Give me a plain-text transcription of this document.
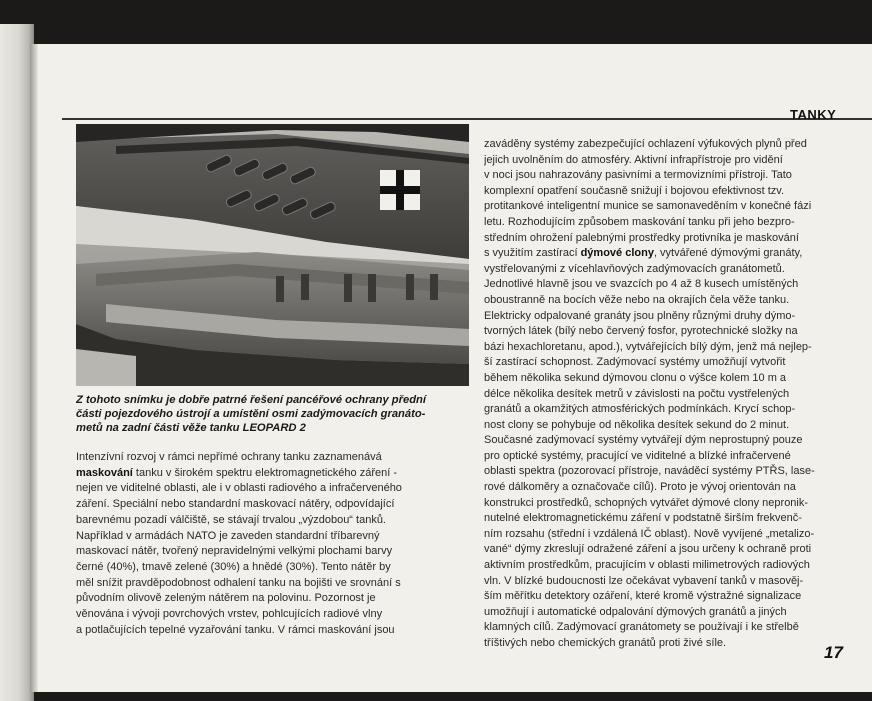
TANKY
Z tohoto snímku je dobře patrné řešení pancéřové ochrany přední
části pojezdového ústrojí a umístění osmi zadýmovacích granáto-
metů na zadní části věže tanku LEOPARD 2
Intenzívní rozvoj v rámci nepřímé ochrany tanku zaznamenává
maskování tanku v širokém spektru elektromagnetického záření -
nejen ve viditelné oblasti, ale i v oblasti radiového a infračerveného
záření. Speciální nebo standardní maskovací nátěry, odpovídající
barevnému pozadí válčiště, se stávají trvalou „výzdobou“ tanků.
Například v armádách NATO je zaveden standardní tříbarevný
maskovací nátěr, tvořený nepravidelnými velkými plochami barvy
černé (40%), tmavě zelené (30%) a hnědé (30%). Tento nátěr by
měl snížit pravděpodobnost odhalení tanku na bojišti ve srovnání s
původním olivově zeleným nátěrem na polovinu. Pozornost je
věnována i vývoji povrchových vrstev, pohlcujících radiové vlny
a potlačujících tepelné vyzařování tanku. V rámci maskování jsou
zaváděny systémy zabezpečující ochlazení výfukových plynů před
jejich uvolněním do atmosféry. Aktivní infrapřístroje pro vidění
v noci jsou nahrazovány pasivními a termovizními přístroji. Tato
komplexní opatření současně snižují i bojovou efektivnost tzv.
protitankové inteligentní munice se samonaveděním v konečné fázi
letu. Rozhodujícím způsobem maskování tanku při jeho bezpro-
středním ohrožení palebnými prostředky protivníka je maskování
s využitím zastírací dýmové clony, vytvářené dýmovými granáty,
vystřelovanými z vícehlavňových zadýmovacích granátometů.
Jednotlivé hlavně jsou ve svazcích po 4 až 8 kusech umístěných
oboustranně na bocích věže nebo na okrajích čela věže tanku.
Elektricky odpalované granáty jsou plněny různými druhy dýmo-
tvorných látek (bílý nebo červený fosfor, pyrotechnické složky na
bázi hexachloretanu, apod.), vytvářejících bílý dým, jenž má nejlep-
ší zastírací schopnost. Zadýmovací systémy umožňují vytvořit
během několika sekund dýmovou clonu o výšce kolem 10 m a
délce několika desítek metrů v závislosti na počtu vystřelených
granátů a okamžitých atmosférických podmínkách. Krycí schop-
nost clony se pohybuje od několika desítek sekund do 2 minut.
Současné zadýmovací systémy vytvářejí dým neprostupný pouze
pro optické systémy, pracující ve viditelné a blízké infračervené
oblasti spektra (pozorovací přístroje, naváděcí systémy PTŘS, lase-
rové dálkoměry a označovače cílů). Proto je vývoj orientován na
konstrukci prostředků, schopných vytvářet dýmové clony nepronik-
nutelné elektromagnetickému záření v podstatně širším frekvenč-
ním rozsahu (střední i vzdálená IČ oblast). Nově vyvíjené „metalizo-
vané“ dýmy zkreslují odražené záření a jsou určeny k ochraně proti
aktivním prostředkům, pracujícím v oblasti milimetrových radiových
vln. V blízké budoucnosti lze očekávat vybavení tanků v masověj-
ším měřítku detektory ozáření, které kromě výstražné signalizace
umožňují i automatické odpalování dýmových granátů a jiných
klamných cílů. Zadýmovací granátomety se používají i ke střelbě
tříštivých nebo chemických granátů proti živé síle.	17
